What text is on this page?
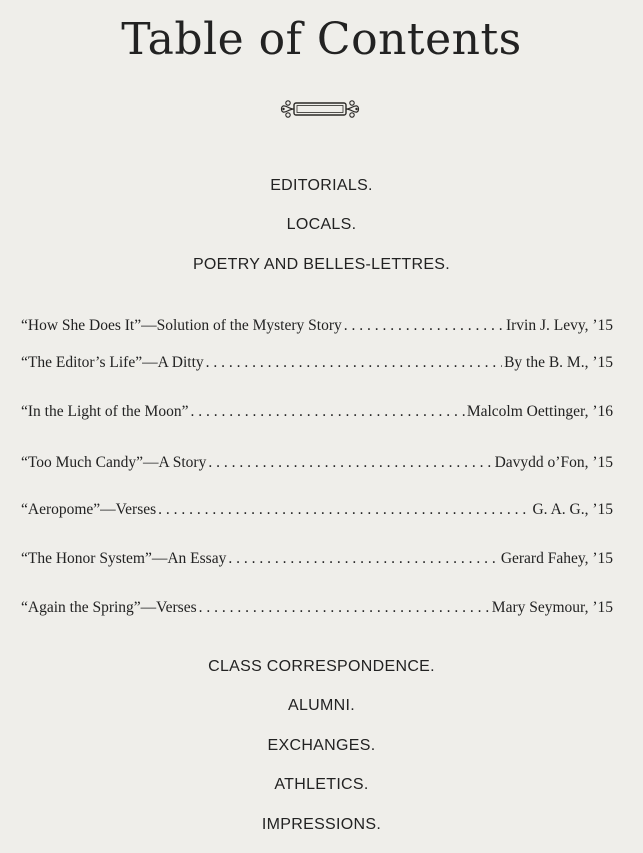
Table of Contents
EDITORIALS.
LOCALS.
POETRY AND BELLES-LETTRES.
“How She Does It”—Solution of the Mystery Story . . .	Irvin J. Levy, ’15
“The Editor’s Life”—A Ditty . . .	By the B. M., ’15
“In the Light of the Moon” . . .	Malcolm Oettinger, ’16
“Too Much Candy”—A Story . . .	Davydd o’Fon, ’15
“Aeropome”—Verses . . .	G. A. G., ’15
“The Honor System”—An Essay . . .	Gerard Fahey, ’15
“Again the Spring”—Verses . . .	Mary Seymour, ’15
CLASS CORRESPONDENCE.
ALUMNI.
EXCHANGES.
ATHLETICS.
IMPRESSIONS.
